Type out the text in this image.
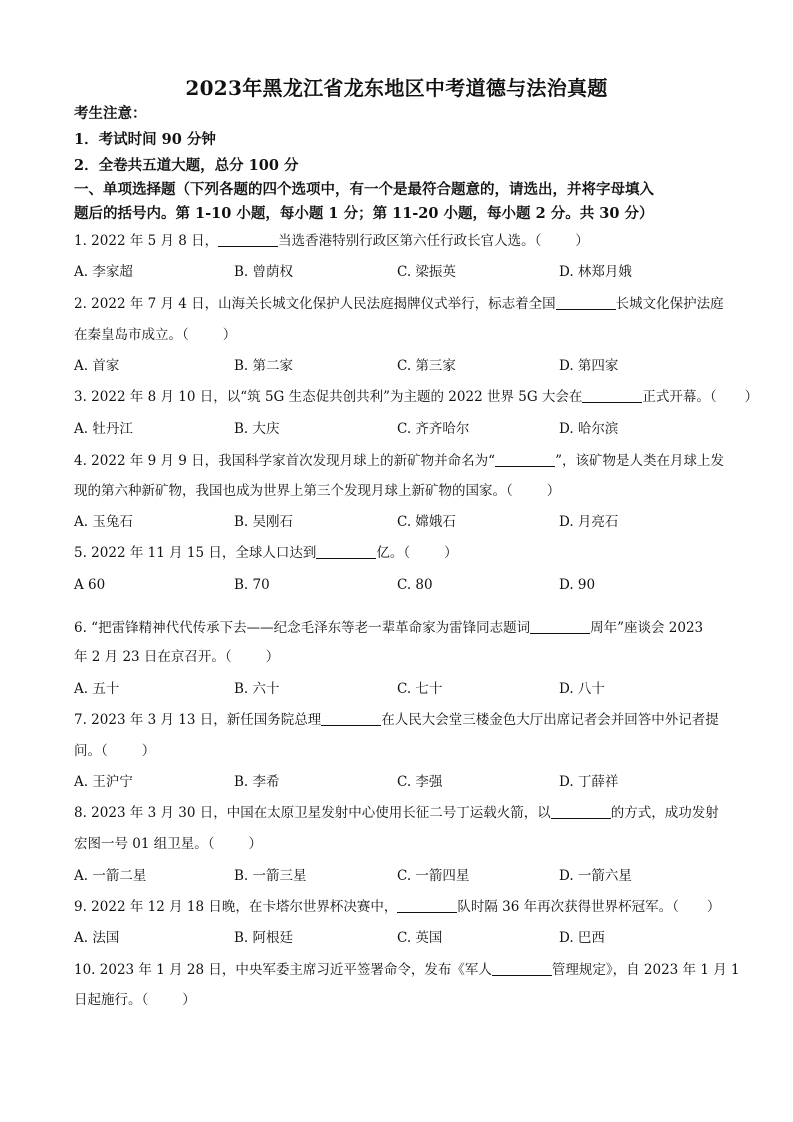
2023年黑龙江省龙东地区中考道德与法治真题
考生注意：
1．考试时间 90 分钟
2．全卷共五道大题，总分 100 分
一、单项选择题（下列各题的四个选项中，有一个是最符合题意的，请选出，并将字母填入
题后的括号内。第 1-10 小题，每小题 1 分；第 11-20 小题，每小题 2 分。共 30 分）
1. 2022 年 5 月 8 日，	当选香港特别行政区第六任行政长官人选。（	）
A. 李家超	B. 曾荫权	C. 梁振英	D. 林郑月娥
2. 2022 年 7 月 4 日，山海关长城文化保护人民法庭揭牌仪式举行，标志着全国	长城文化保护法庭
在秦皇岛市成立。（	）
A. 首家	B. 第二家	C. 第三家	D. 第四家
3. 2022 年 8 月 10 日，以“筑 5G 生态促共创共利”为主题的 2022 世界 5G 大会在	正式开幕。（ ）
A. 牡丹江	B. 大庆	C. 齐齐哈尔	D. 哈尔滨
4. 2022 年 9 月 9 日，我国科学家首次发现月球上的新矿物并命名为“	”，该矿物是人类在月球上发
现的第六种新矿物，我国也成为世界上第三个发现月球上新矿物的国家。（	）
A. 玉兔石	B. 吴刚石	C. 嫦娥石	D. 月亮石
5. 2022 年 11 月 15 日，全球人口达到	亿。（	）
A 60	B. 70	C. 80	D. 90
6. “把雷锋精神代代传承下去——纪念毛泽东等老一辈革命家为雷锋同志题词	周年”座谈会 2023
年 2 月 23 日在京召开。（	）
A. 五十	B. 六十	C. 七十	D. 八十
7. 2023 年 3 月 13 日，新任国务院总理	在人民大会堂三楼金色大厅出席记者会并回答中外记者提
问。（	）
A. 王沪宁	B. 李希	C. 李强	D. 丁薛祥
8. 2023 年 3 月 30 日，中国在太原卫星发射中心使用长征二号丁运载火箭，以	的方式，成功发射
宏图一号 01 组卫星。（	）
A. 一箭二星	B. 一箭三星	C. 一箭四星	D. 一箭六星
9. 2022 年 12 月 18 日晚，在卡塔尔世界杯决赛中，	队时隔 36 年再次获得世界杯冠军。（ ）
A. 法国	B. 阿根廷	C. 英国	D. 巴西
10. 2023 年 1 月 28 日，中央军委主席习近平签署命令，发布《军人	管理规定》，自 2023 年 1 月 1
日起施行。（	）
